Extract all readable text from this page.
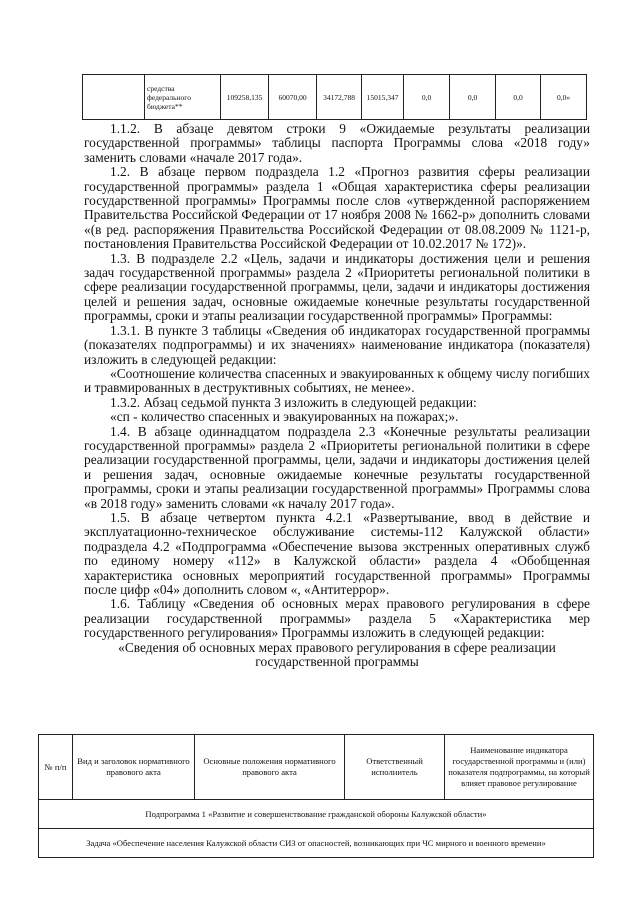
	средства федерального бюджета**	109258,135	60070,00	34172,788	15015,347	0,0	0,0	0,0	0,0»

1.1.2. В абзаце девятом строки 9 «Ожидаемые результаты реализации государственной программы» таблицы паспорта Программы слова «2018 году» заменить словами «начале 2017 года».

1.2. В абзаце первом подраздела 1.2 «Прогноз развития сферы реализации государственной программы» раздела 1 «Общая характеристика сферы реализации государственной программы» Программы после слов «утвержденной распоряжением Правительства Российской Федерации от 17 ноября 2008 № 1662-р» дополнить словами «(в ред. распоряжения Правительства Российской Федерации от 08.08.2009 № 1121-р, постановления Правительства Российской Федерации от 10.02.2017 № 172)».

1.3. В подразделе 2.2 «Цель, задачи и индикаторы достижения цели и решения задач государственной программы» раздела 2 «Приоритеты региональной политики в сфере реализации государственной программы, цели, задачи и индикаторы достижения целей и решения задач, основные ожидаемые конечные результаты государственной программы, сроки и этапы реализации государственной программы» Программы:

1.3.1. В пункте 3 таблицы «Сведения об индикаторах государственной программы (показателях подпрограммы) и их значениях» наименование индикатора (показателя) изложить в следующей редакции:

«Соотношение количества спасенных и эвакуированных к общему числу погибших и травмированных в деструктивных событиях, не менее».

1.3.2. Абзац седьмой пункта 3 изложить в следующей редакции:

«cп - количество спасенных и эвакуированных на пожарах;».

1.4. В абзаце одиннадцатом подраздела 2.3 «Конечные результаты реализации государственной программы» раздела 2 «Приоритеты региональной политики в сфере реализации государственной программы, цели, задачи и индикаторы достижения целей и решения задач, основные ожидаемые конечные результаты государственной программы, сроки и этапы реализации государственной программы» Программы слова «в 2018 году» заменить словами «к началу 2017 года».

1.5. В абзаце четвертом пункта 4.2.1 «Развертывание, ввод в действие и эксплуатационно-техническое обслуживание системы-112 Калужской области» подраздела 4.2 «Подпрограмма «Обеспечение вызова экстренных оперативных служб по единому номеру «112» в Калужской области» раздела 4 «Обобщенная характеристика основных мероприятий государственной программы» Программы после цифр «04» дополнить словом «, «Антитеррор».

1.6. Таблицу «Сведения об основных мерах правового регулирования в сфере реализации государственной программы» раздела 5 «Характеристика мер государственного регулирования» Программы изложить в следующей редакции:

«Сведения об основных мерах правового регулирования в сфере реализации государственной программы

№ п/п	Вид и заголовок нормативного правового акта	Основные положения нормативного правового акта	Ответственный исполнитель	Наименование индикатора государственной программы и (или) показателя подпрограммы, на который влияет правовое регулирование
Подпрограмма 1 «Развитие и совершенствование гражданской обороны Калужской области»
Задача «Обеспечение населения Калужской области СИЗ от опасностей, возникающих при ЧС мирного и военного времени»
